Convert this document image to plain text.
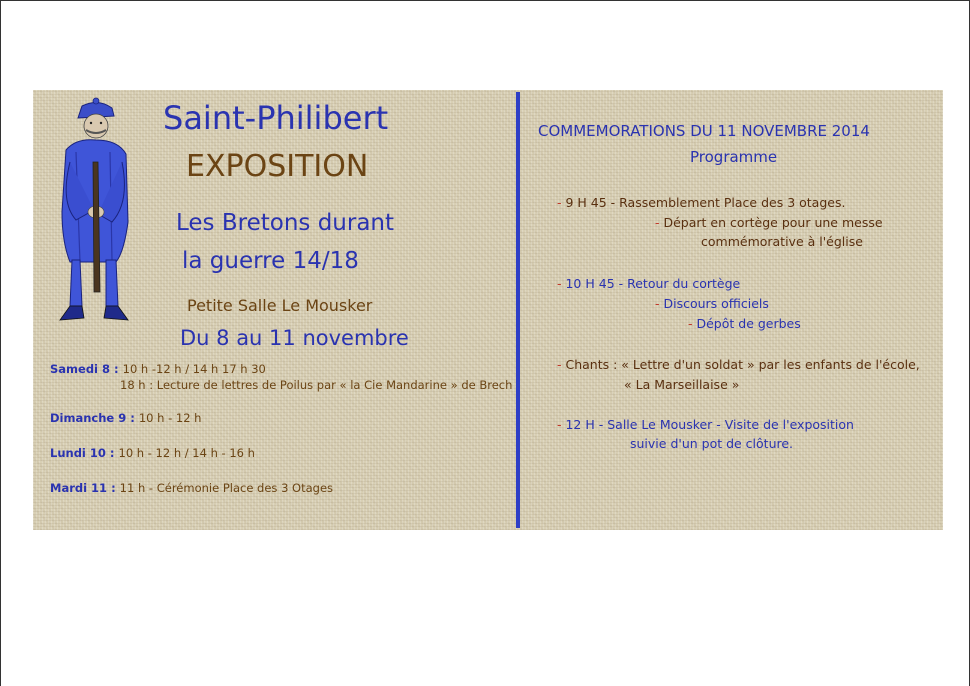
Saint-Philibert
EXPOSITION
Les Bretons durant
la guerre 14/18
Petite Salle Le Mousker
Du 8 au 11 novembre
Samedi 8 : 10 h -12 h / 14 h 17 h 30
18 h : Lecture de lettres de Poilus par « la Cie Mandarine » de Brech
Dimanche 9 : 10 h - 12 h
Lundi 10 : 10 h - 12 h / 14 h - 16 h
Mardi 11 : 11 h - Cérémonie Place des 3 Otages
COMMEMORATIONS DU 11 NOVEMBRE 2014
Programme
- 9 H 45 - Rassemblement Place des 3 otages.
- Départ en cortège pour une messe
commémorative à l'église
- 10 H 45 - Retour du cortège
- Discours officiels
- Dépôt de gerbes
- Chants : « Lettre d'un soldat » par les enfants de l'école,
« La Marseillaise »
- 12 H - Salle Le Mousker - Visite de l'exposition
suivie d'un pot de clôture.
